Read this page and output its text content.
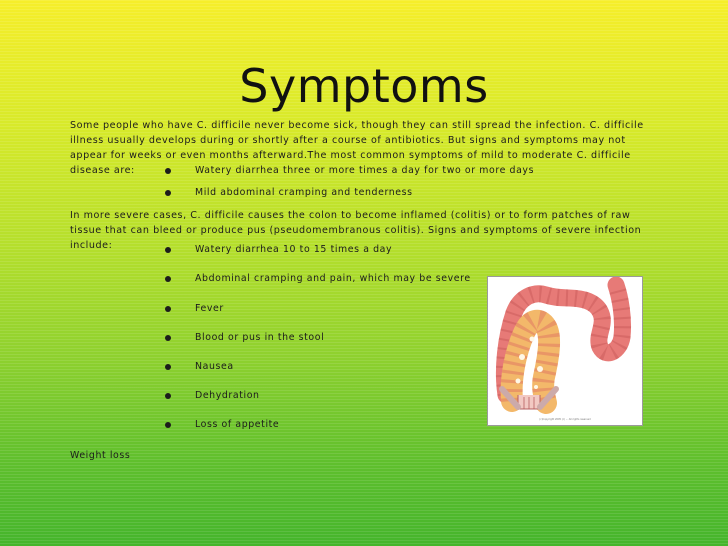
Symptoms
Some people who have C. difficile never become sick, though they can still spread the infection. C. difficile illness usually develops during or shortly after a course of antibiotics. But signs and symptoms may not appear for weeks or even months afterward.The most common symptoms of mild to moderate C. difficile disease are:	Watery diarrhea three or more times a day for two or more days
Mild abdominal cramping and tenderness
In more severe cases, C. difficile causes the colon to become inflamed (colitis) or to form patches of raw tissue that can bleed or produce pus (pseudomembranous colitis). Signs and symptoms of severe infection include:	Watery diarrhea 10 to 15 times a day
Abdominal cramping and pain, which may be severe
Fever
Blood or pus in the stool
Nausea
Dehydration
Loss of appetite
Weight loss
(c)Copyright 2005 (c) ... All rights reserved
